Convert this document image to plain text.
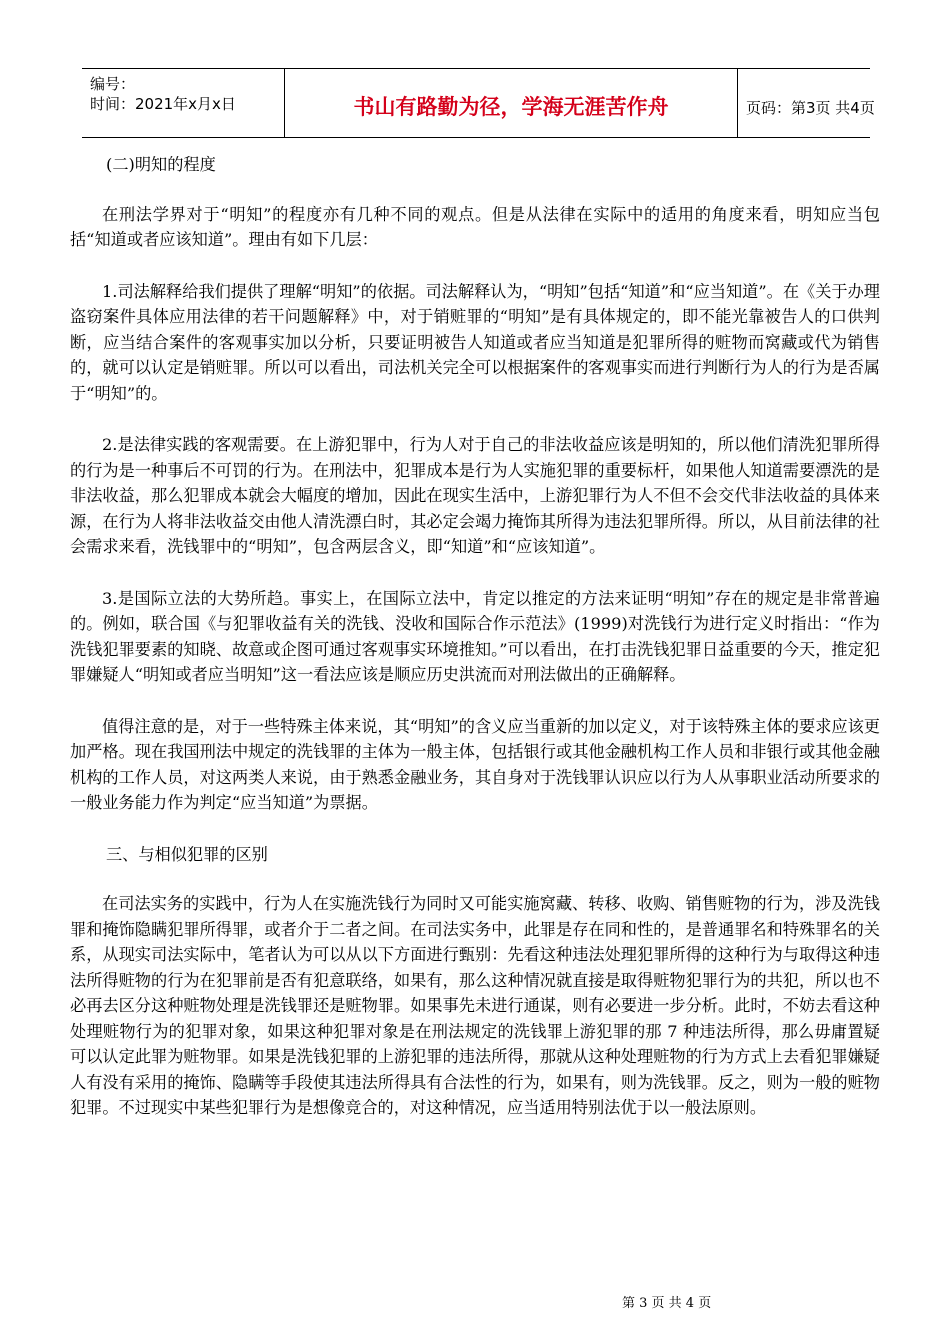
编号：
时间：2021年x月x日	书山有路勤为径，学海无涯苦作舟	页码：第3页 共4页

(二)明知的程度

在刑法学界对于“明知”的程度亦有几种不同的观点。但是从法律在实际中的适用的角度来看，明知应当包括“知道或者应该知道”。理由有如下几层：

1.司法解释给我们提供了理解“明知”的依据。司法解释认为，“明知”包括“知道”和“应当知道”。在《关于办理盗窃案件具体应用法律的若干问题解释》中，对于销赃罪的“明知”是有具体规定的，即不能光靠被告人的口供判断，应当结合案件的客观事实加以分析，只要证明被告人知道或者应当知道是犯罪所得的赃物而窝藏或代为销售的，就可以认定是销赃罪。所以可以看出，司法机关完全可以根据案件的客观事实而进行判断行为人的行为是否属于“明知”的。

2.是法律实践的客观需要。在上游犯罪中，行为人对于自己的非法收益应该是明知的，所以他们清洗犯罪所得的行为是一种事后不可罚的行为。在刑法中，犯罪成本是行为人实施犯罪的重要标杆，如果他人知道需要漂洗的是非法收益，那么犯罪成本就会大幅度的增加，因此在现实生活中，上游犯罪行为人不但不会交代非法收益的具体来源，在行为人将非法收益交由他人清洗漂白时，其必定会竭力掩饰其所得为违法犯罪所得。所以，从目前法律的社会需求来看，洗钱罪中的“明知”，包含两层含义，即“知道”和“应该知道”。

3.是国际立法的大势所趋。事实上，在国际立法中，肯定以推定的方法来证明“明知”存在的规定是非常普遍的。例如，联合国《与犯罪收益有关的洗钱、没收和国际合作示范法》(1999)对洗钱行为进行定义时指出：“作为洗钱犯罪要素的知晓、故意或企图可通过客观事实环境推知。”可以看出，在打击洗钱犯罪日益重要的今天，推定犯罪嫌疑人“明知或者应当明知”这一看法应该是顺应历史洪流而对刑法做出的正确解释。

值得注意的是，对于一些特殊主体来说，其“明知”的含义应当重新的加以定义，对于该特殊主体的要求应该更加严格。现在我国刑法中规定的洗钱罪的主体为一般主体，包括银行或其他金融机构工作人员和非银行或其他金融机构的工作人员，对这两类人来说，由于熟悉金融业务，其自身对于洗钱罪认识应以行为人从事职业活动所要求的一般业务能力作为判定“应当知道”为票据。

三、与相似犯罪的区别

在司法实务的实践中，行为人在实施洗钱行为同时又可能实施窝藏、转移、收购、销售赃物的行为，涉及洗钱罪和掩饰隐瞒犯罪所得罪，或者介于二者之间。在司法实务中，此罪是存在同和性的，是普通罪名和特殊罪名的关系，从现实司法实际中，笔者认为可以从以下方面进行甄别：先看这种违法处理犯罪所得的这种行为与取得这种违法所得赃物的行为在犯罪前是否有犯意联络，如果有，那么这种情况就直接是取得赃物犯罪行为的共犯，所以也不必再去区分这种赃物处理是洗钱罪还是赃物罪。如果事先未进行通谋，则有必要进一步分析。此时，不妨去看这种处理赃物行为的犯罪对象，如果这种犯罪对象是在刑法规定的洗钱罪上游犯罪的那 7 种违法所得，那么毋庸置疑可以认定此罪为赃物罪。如果是洗钱犯罪的上游犯罪的违法所得，那就从这种处理赃物的行为方式上去看犯罪嫌疑人有没有采用的掩饰、隐瞒等手段使其违法所得具有合法性的行为，如果有，则为洗钱罪。反之，则为一般的赃物犯罪。不过现实中某些犯罪行为是想像竞合的，对这种情况，应当适用特别法优于以一般法原则。

第 3 页 共 4 页
